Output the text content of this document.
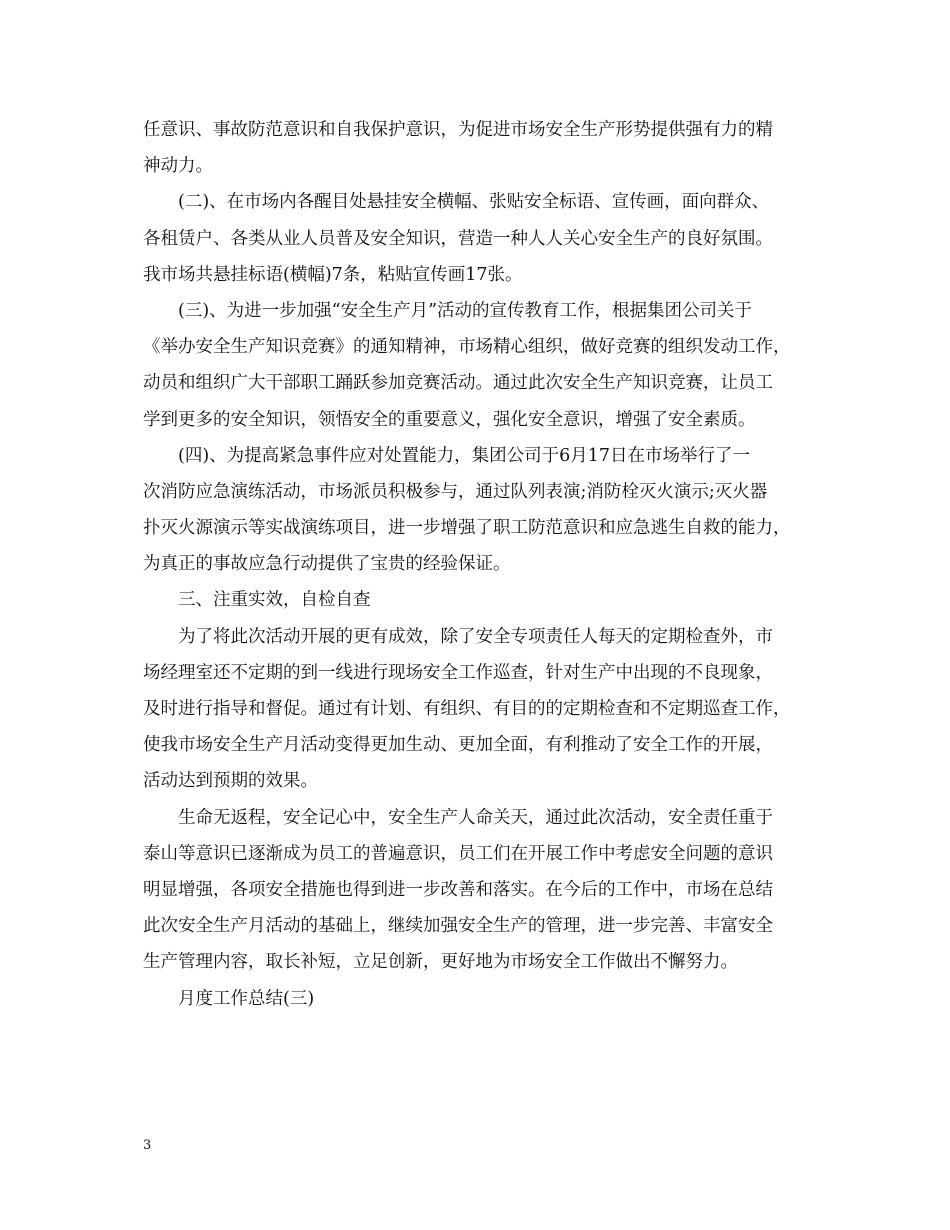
任意识、事故防范意识和自我保护意识，为促进市场安全生产形势提供强有力的精
神动力。
(二)、在市场内各醒目处悬挂安全横幅、张贴安全标语、宣传画，面向群众、
各租赁户、各类从业人员普及安全知识，营造一种人人关心安全生产的良好氛围。
我市场共悬挂标语(横幅)7条，粘贴宣传画17张。
(三)、为进一步加强“安全生产月”活动的宣传教育工作，根据集团公司关于
《举办安全生产知识竞赛》的通知精神，市场精心组织，做好竞赛的组织发动工作，
动员和组织广大干部职工踊跃参加竞赛活动。通过此次安全生产知识竞赛，让员工
学到更多的安全知识，领悟安全的重要意义，强化安全意识，增强了安全素质。
(四)、为提高紧急事件应对处置能力，集团公司于6月17日在市场举行了一
次消防应急演练活动，市场派员积极参与，通过队列表演;消防栓灭火演示;灭火器
扑灭火源演示等实战演练项目，进一步增强了职工防范意识和应急逃生自救的能力，
为真正的事故应急行动提供了宝贵的经验保证。
三、注重实效，自检自查
为了将此次活动开展的更有成效，除了安全专项责任人每天的定期检查外，市
场经理室还不定期的到一线进行现场安全工作巡查，针对生产中出现的不良现象，
及时进行指导和督促。通过有计划、有组织、有目的的定期检查和不定期巡查工作，
使我市场安全生产月活动变得更加生动、更加全面，有利推动了安全工作的开展，
活动达到预期的效果。
生命无返程，安全记心中，安全生产人命关天，通过此次活动，安全责任重于
泰山等意识已逐渐成为员工的普遍意识，员工们在开展工作中考虑安全问题的意识
明显增强，各项安全措施也得到进一步改善和落实。在今后的工作中，市场在总结
此次安全生产月活动的基础上，继续加强安全生产的管理，进一步完善、丰富安全
生产管理内容，取长补短，立足创新，更好地为市场安全工作做出不懈努力。
月度工作总结(三)
3
